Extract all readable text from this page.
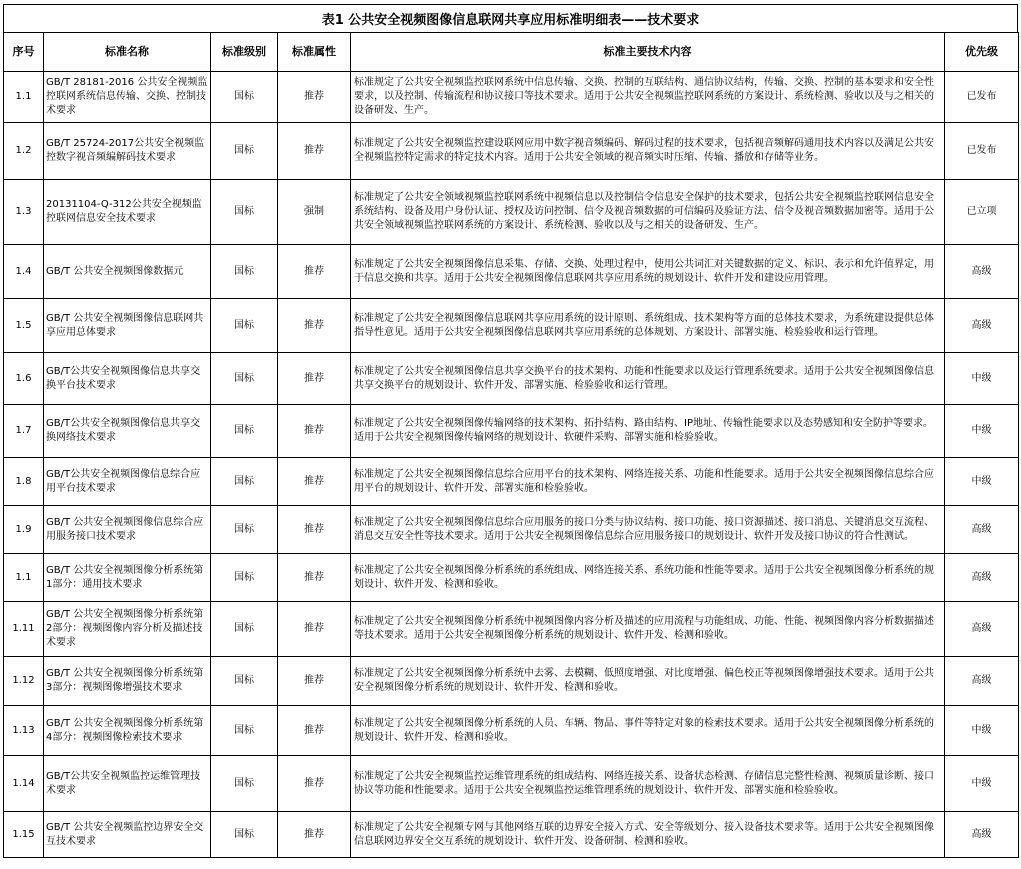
表1 公共安全视频图像信息联网共享应用标准明细表——技术要求
序号	标准名称	标准级别	标准属性	标准主要技术内容	优先级
1.1	GB/T 28181-2016 公共安全视频监控联网系统信息传输、交换、控制技术要求	国标	推荐	标准规定了公共安全视频监控联网系统中信息传输、交换、控制的互联结构、通信协议结构，传输、交换、控制的基本要求和安全性要求，以及控制、传输流程和协议接口等技术要求。适用于公共安全视频监控联网系统的方案设计、系统检测、验收以及与之相关的设备研发、生产。	已发布
1.2	GB/T 25724-2017公共安全视频监控数字视音频编解码技术要求	国标	推荐	标准规定了公共安全视频监控建设联网应用中数字视音频编码、解码过程的技术要求，包括视音频解码通用技术内容以及满足公共安全视频监控特定需求的特定技术内容。适用于公共安全领域的视音频实时压缩、传输、播放和存储等业务。	已发布
1.3	20131104-Q-312公共安全视频监控联网信息安全技术要求	国标	强制	标准规定了公共安全领域视频监控联网系统中视频信息以及控制信令信息安全保护的技术要求，包括公共安全视频监控联网信息安全系统结构、设备及用户身份认证、授权及访问控制、信令及视音频数据的可信编码及验证方法、信令及视音频数据加密等。适用于公共安全领域视频监控联网系统的方案设计、系统检测、验收以及与之相关的设备研发、生产。	已立项
1.4	GB/T 公共安全视频图像数据元	国标	推荐	标准规定了公共安全视频图像信息采集、存储、交换、处理过程中，使用公共词汇对关键数据的定义、标识、表示和允许值界定，用于信息交换和共享。适用于公共安全视频图像信息联网共享应用系统的规划设计、软件开发和建设应用管理。	高级
1.5	GB/T 公共安全视频图像信息联网共享应用总体要求	国标	推荐	标准规定了公共安全视频图像信息联网共享应用系统的设计原则、系统组成、技术架构等方面的总体技术要求，为系统建设提供总体指导性意见。适用于公共安全视频图像信息联网共享应用系统的总体规划、方案设计、部署实施、检验验收和运行管理。	高级
1.6	GB/T公共安全视频图像信息共享交换平台技术要求	国标	推荐	标准规定了公共安全视频图像信息共享交换平台的技术架构、功能和性能要求以及运行管理系统要求。适用于公共安全视频图像信息共享交换平台的规划设计、软件开发、部署实施、检验验收和运行管理。	中级
1.7	GB/T公共安全视频图像信息共享交换网络技术要求	国标	推荐	标准规定了公共安全视频图像传输网络的技术架构、拓扑结构、路由结构、IP地址、传输性能要求以及态势感知和安全防护等要求。适用于公共安全视频图像传输网络的规划设计、软硬件采购、部署实施和检验验收。	中级
1.8	GB/T公共安全视频图像信息综合应用平台技术要求	国标	推荐	标准规定了公共安全视频图像信息综合应用平台的技术架构、网络连接关系、功能和性能要求。适用于公共安全视频图像信息综合应用平台的规划设计、软件开发、部署实施和检验验收。	中级
1.9	GB/T 公共安全视频图像信息综合应用服务接口技术要求	国标	推荐	标准规定了公共安全视频图像信息综合应用服务的接口分类与协议结构、接口功能、接口资源描述、接口消息、关键消息交互流程、消息交互安全性等技术要求。适用于公共安全视频图像信息综合应用服务接口的规划设计、软件开发及接口协议的符合性测试。	高级
1.1	GB/T 公共安全视频图像分析系统第1部分：通用技术要求	国标	推荐	标准规定了公共安全视频图像分析系统的系统组成、网络连接关系、系统功能和性能等要求。适用于公共安全视频图像分析系统的规划设计、软件开发、检测和验收。	高级
1.11	GB/T 公共安全视频图像分析系统第2部分：视频图像内容分析及描述技术要求	国标	推荐	标准规定了公共安全视频图像分析系统中视频图像内容分析及描述的应用流程与功能组成、功能、性能、视频图像内容分析数据描述等技术要求。适用于公共安全视频图像分析系统的规划设计、软件开发、检测和验收。	高级
1.12	GB/T 公共安全视频图像分析系统第3部分：视频图像增强技术要求	国标	推荐	标准规定了公共安全视频图像分析系统中去雾、去模糊、低照度增强、对比度增强、偏色校正等视频图像增强技术要求。适用于公共安全视频图像分析系统的规划设计、软件开发、检测和验收。	高级
1.13	GB/T 公共安全视频图像分析系统第4部分：视频图像检索技术要求	国标	推荐	标准规定了公共安全视频图像分析系统的人员、车辆、物品、事件等特定对象的检索技术要求。适用于公共安全视频图像分析系统的规划设计、软件开发、检测和验收。	中级
1.14	GB/T公共安全视频监控运维管理技术要求	国标	推荐	标准规定了公共安全视频监控运维管理系统的组成结构、网络连接关系、设备状态检测、存储信息完整性检测、视频质量诊断、接口协议等功能和性能要求。适用于公共安全视频监控运维管理系统的规划设计、软件开发、部署实施和检验验收。	中级
1.15	GB/T 公共安全视频监控边界安全交互技术要求	国标	推荐	标准规定了公共安全视频专网与其他网络互联的边界安全接入方式、安全等级划分、接入设备技术要求等。适用于公共安全视频图像信息联网边界安全交互系统的规划设计、软件开发、设备研制、检测和验收。	高级
